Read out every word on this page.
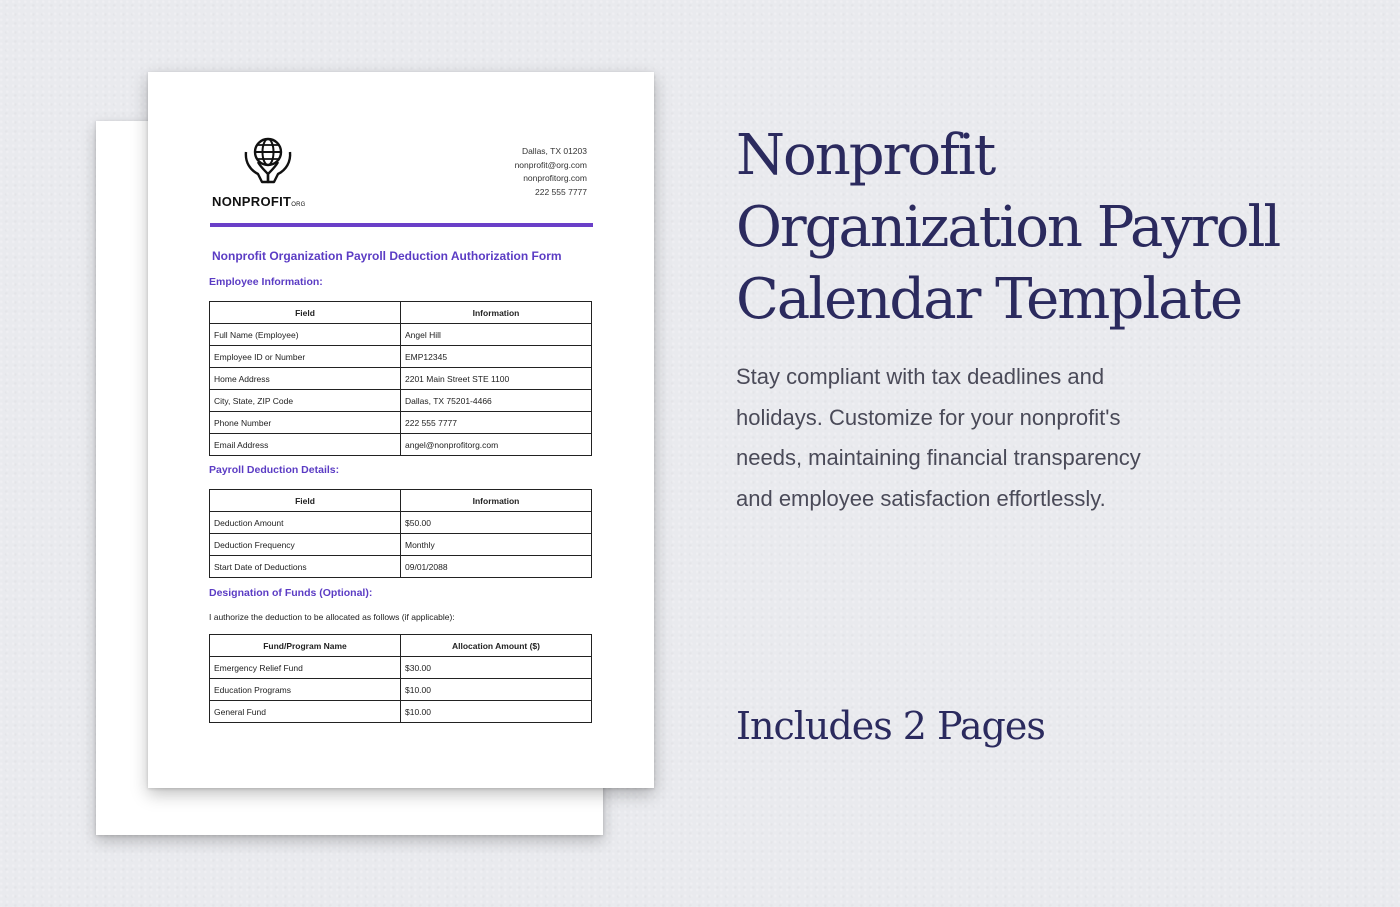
NONPROFITORG
Dallas, TX 01203
nonprofit@org.com
nonprofitorg.com
222 555 7777
Nonprofit Organization Payroll Deduction Authorization Form
Employee Information:
Field	Information
Full Name (Employee)	Angel Hill
Employee ID or Number	EMP12345
Home Address	2201 Main Street STE 1100
City, State, ZIP Code	Dallas, TX 75201-4466
Phone Number	222 555 7777
Email Address	angel@nonprofitorg.com
Payroll Deduction Details:
Field	Information
Deduction Amount	$50.00
Deduction Frequency	Monthly
Start Date of Deductions	09/01/2088
Designation of Funds (Optional):
I authorize the deduction to be allocated as follows (if applicable):
Fund/Program Name	Allocation Amount ($)
Emergency Relief Fund	$30.00
Education Programs	$10.00
General Fund	$10.00
Nonprofit
Organization Payroll
Calendar Template

Stay compliant with tax deadlines and holidays. Customize for your nonprofit's needs, maintaining financial transparency and employee satisfaction effortlessly.

Includes 2 Pages
